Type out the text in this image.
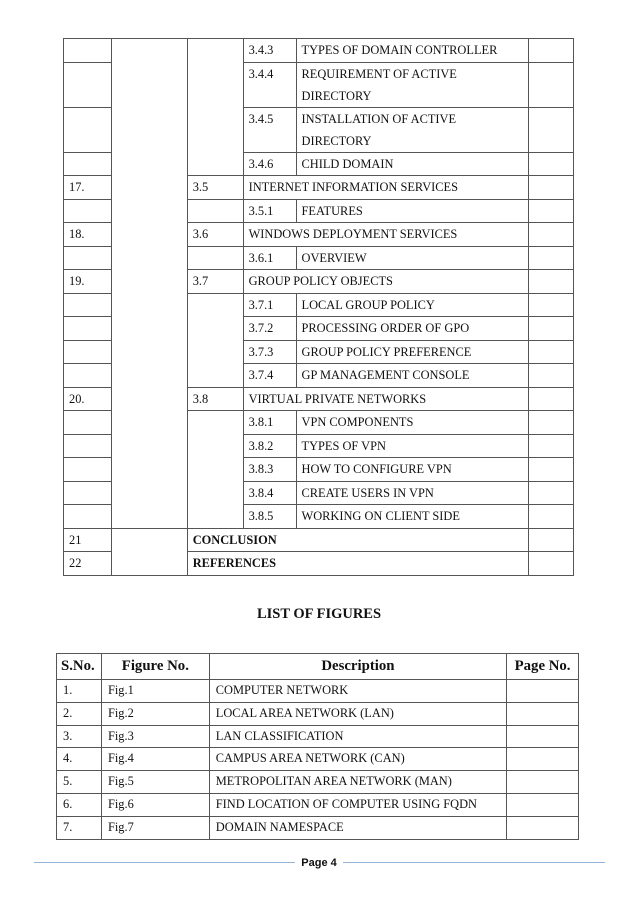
			3.4.3	TYPES OF DOMAIN CONTROLLER	
			3.4.4	REQUIREMENT OF ACTIVE
DIRECTORY	

			3.4.5	INSTALLATION OF ACTIVE
DIRECTORY	

			3.4.6	CHILD DOMAIN	
17.		3.5	INTERNET INFORMATION SERVICES		
			3.5.1	FEATURES	
18.		3.6	WINDOWS DEPLOYMENT SERVICES		
			3.6.1	OVERVIEW	
19.		3.7	GROUP POLICY OBJECTS		
			3.7.1	LOCAL GROUP POLICY	
			3.7.2	PROCESSING ORDER OF GPO	
			3.7.3	GROUP POLICY PREFERENCE	
			3.7.4	GP MANAGEMENT CONSOLE	
20.		3.8	VIRTUAL PRIVATE NETWORKS		
			3.8.1	VPN COMPONENTS	
			3.8.2	TYPES OF VPN	
			3.8.3	HOW TO CONFIGURE VPN	
			3.8.4	CREATE USERS IN VPN	
			3.8.5	WORKING ON CLIENT SIDE	
21		CONCLUSION			
22		REFERENCES			
LIST OF FIGURES
S.No.	Figure No.	Description	Page No.
1.	Fig.1	COMPUTER NETWORK	
2.	Fig.2	LOCAL AREA NETWORK (LAN)	
3.	Fig.3	LAN CLASSIFICATION	
4.	Fig.4	CAMPUS AREA NETWORK (CAN)	
5.	Fig.5	METROPOLITAN AREA NETWORK (MAN)	
6.	Fig.6	FIND LOCATION OF COMPUTER USING FQDN	
7.	Fig.7	DOMAIN NAMESPACE	
Page 4
